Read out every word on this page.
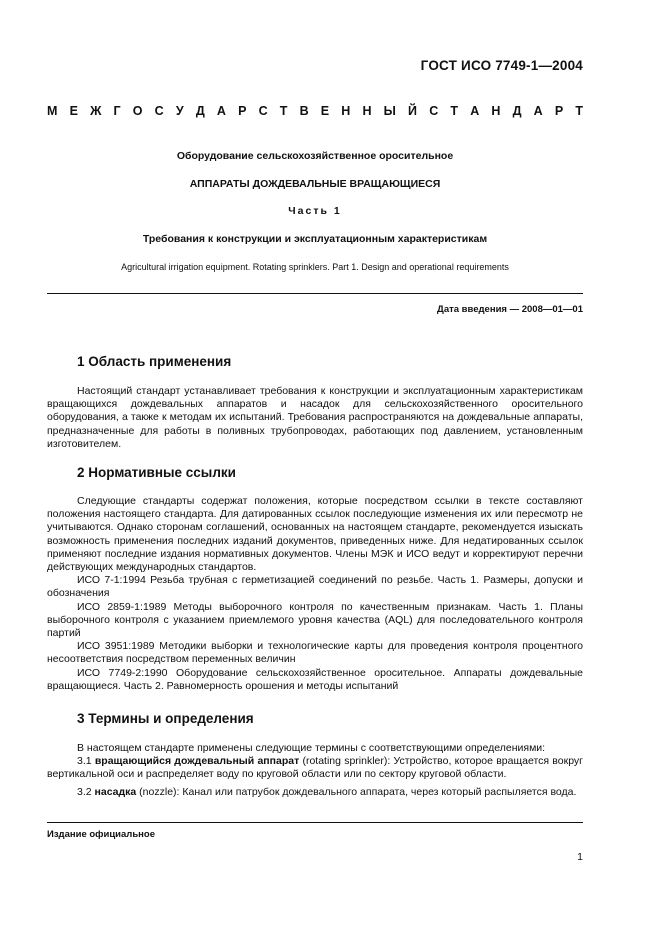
ГОСТ ИСО 7749-1—2004
М Е Ж Г О С У Д А Р С Т В Е Н Н Ы Й С Т А Н Д А Р Т
Оборудование сельскохозяйственное оросительное
АППАРАТЫ ДОЖДЕВАЛЬНЫЕ ВРАЩАЮЩИЕСЯ
Часть 1
Требования к конструкции и эксплуатационным характеристикам
Agricultural irrigation equipment. Rotating sprinklers. Part 1. Design and operational requirements
Дата введения — 2008—01—01
1 Область применения

Настоящий стандарт устанавливает требования к конструкции и эксплуатационным характеристикам вращающихся дождевальных аппаратов и насадок для сельскохозяйственного оросительного оборудования, а также к методам их испытаний. Требования распространяются на дождевальные аппараты, предназначенные для работы в поливных трубопроводах, работающих под давлением, установленным изготовителем.

2 Нормативные ссылки

Следующие стандарты содержат положения, которые посредством ссылки в тексте составляют положения настоящего стандарта. Для датированных ссылок последующие изменения их или пересмотр не учитываются. Однако сторонам соглашений, основанных на настоящем стандарте, рекомендуется изыскать возможность применения последних изданий документов, приведенных ниже. Для недатированных ссылок применяют последние издания нормативных документов. Члены МЭК и ИСО ведут и корректируют перечни действующих международных стандартов.

ИСО 7-1:1994 Резьба трубная с герметизацией соединений по резьбе. Часть 1. Размеры, допуски и обозначения

ИСО 2859-1:1989 Методы выборочного контроля по качественным признакам. Часть 1. Планы выборочного контроля с указанием приемлемого уровня качества (AQL) для последовательного контроля партий

ИСО 3951:1989 Методики выборки и технологические карты для проведения контроля процентного несоответствия посредством переменных величин

ИСО 7749-2:1990 Оборудование сельскохозяйственное оросительное. Аппараты дождевальные вращающиеся. Часть 2. Равномерность орошения и методы испытаний

3 Термины и определения

В настоящем стандарте применены следующие термины с соответствующими определениями:

3.1 вращающийся дождевальный аппарат (rotating sprinkler): Устройство, которое вращается вокруг вертикальной оси и распределяет воду по круговой области или по сектору круговой области.

3.2 насадка (nozzle): Канал или патрубок дождевального аппарата, через который распыляется вода.

Издание официальное
1
